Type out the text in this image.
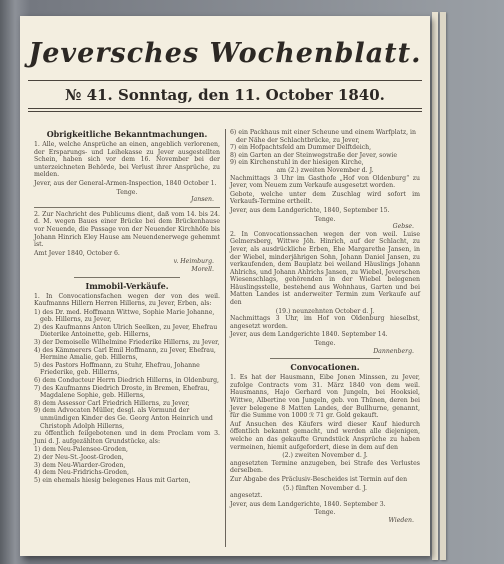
Jeversches Wochenblatt.
№ 41. Sonntag, den 11. October 1840.
Obrigkeitliche Bekanntmachungen.
1. Alle, welche Ansprüche an einen, angeblich verlorenen, der Ersparungs- und Leihekasse zu Jever ausgestellten Schein, haben sich vor dem 16. November bei der unterzeichneten Behörde, bei Verlust ihrer Ansprüche, zu melden.
Jever, aus der General-Armen-Inspection, 1840 October 1.
Tenge.
Jansen.
2. Zur Nachricht des Publicums dient, daß vom 14. bis 24. d. M. wegen Baues einer Brücke bei dem Brückenhause vor Neuende, die Passage von der Neuender Kirchhöfe bis Johann Hinrich Eley Hause am Neuendenerwege gehemmt ist.
Amt Jever 1840, October 6.
v. Heimburg.
Morell.
Immobil-Verkäufe.
1. In Convocationsfachen wegen der von des weil. Kaufmanns Hillern Herren Hillerns, zu Jever, Erben, als:
1) des Dr. med. Hoffmann Wittwe, Sophie Marie Johanne, geb. Hillerns, zu Jever,
2) des Kaufmanns Anton Ulrich Seelken, zu Jever, Ehefrau Dieterike Antoinette, geb. Hillerns,
3) der Demoiselle Wilhelmine Friederike Hillerns, zu Jever,
4) des Kämmerers Carl Emil Hoffmann, zu Jever, Ehefrau, Hermine Amalie, geb. Hillerns,
5) des Pastors Hoffmann, zu Stuhr, Ehefrau, Johanne Friederike, geb. Hillerns,
6) dem Conducteur Herrn Diedrich Hillerns, in Oldenburg,
7) des Kaufmanns Diedrich Droste, in Bremen, Ehefrau, Magdalene Sophie, geb. Hillerns,
8) dem Assessor Carl Friedrich Hillerns, zu Jever,
9) dem Advocaten Müller, desgl. als Vormund der unmündigen Kinder des Ge. Georg Anton Heinrich und Christoph Adolph Hillerns,
zu öffentlich feilgebotenen und in dem Proclam vom 3. Juni d. J. aufgezählten Grundstücke, als:
1) dem Neu-Palensee-Groden,
2) der Neu-St.-Joost-Groden,
3) dem Neu-Wiarder-Groden,
4) dem Neu-Fridrichs-Groden,
5) ein ehemals hiesig belegenes Haus mit Garten,
6) ein Packhaus mit einer Scheune und einem Warfplatz, in der Nähe der Schlachtbrücke, zu Jever,
7) ein Hofpachtsfeld am Dummer Delftdeich,
8) ein Garten an der Steinwegstraße der Jever, sowie
9) ein Kirchenstuhl in der hiesigen Kirche,
am (2.) zweiten November d. J.
Nachmittags 3 Uhr im Gasthofe „Hof von Oldenburg“ zu Jever, vom Neuem zum Verkaufe ausgesetzt worden.
Gebote, welche unter dem Zuschlag wird sofort im Verkaufs-Termine ertheilt.
Jever, aus dem Landgerichte, 1840, September 15.
Tenge.
Gebse.
2. In Convocationssachen wegen der von weil. Luise Gelmersberg, Wittwe Jöh. Hinrich, auf der Schlacht, zu Jever, als ausdrückliche Erben, Ehe Margarethe Jansen, in der Wiebel, minderjährigen Sohn, Johann Daniel Jansen, zu verkaufenden, dem Bauplatz bei weiland Häuslings Johann Ahlrichs, und Johann Ahlrichs Jansen, zu Wiebel, Jeverschen Wiesenschlags, gehörenden in der Wiebel belegenen Häuslingsstelle, bestehend aus Wohnhaus, Garten und bei Matten Landes ist anderweiter Termin zum Verkaufe auf den
(19.) neunzehnten October d. J.
Nachmittags 3 Uhr, im Hof von Oldenburg hieselbst, angesetzt worden.
Jever, aus dem Landgerichte 1840. September 14.
Tenge.
Dannenberg.
Convocationen.
1. Es hat der Hausmann, Eibe Jonen Minssen, zu Jever, zufolge Contracts vom 31. März 1840 von dem weil. Hausmanns, Hajo Gerhard von Jungeln, bei Hooksiel, Wittwe, Albertine von Jungeln, geb. von Thünen, deren bei Jever belegene 8 Matten Landes, der Bullhurne, genannt, für die Summe von 1000 ℛ 71 gr. Gold gekauft.
Auf Ansuchen des Käufers wird dieser Kauf hiedurch öffentlich bekannt gemacht, und werden alle diejenigen, welche an das gekaufte Grundstück Ansprüche zu haben vermeinen, hiemit aufgefordert, diese in dem auf den
(2.) zweiten November d. J.
angesetzten Termine anzugeben, bei Strafe des Verlustes derselben.
Zur Abgabe des Präclusiv-Bescheides ist Termin auf den
(5.) fünften November d. J.
angesetzt.
Jever, aus dem Landgerichte, 1840. September 3.
Tenge.
Wieden.
